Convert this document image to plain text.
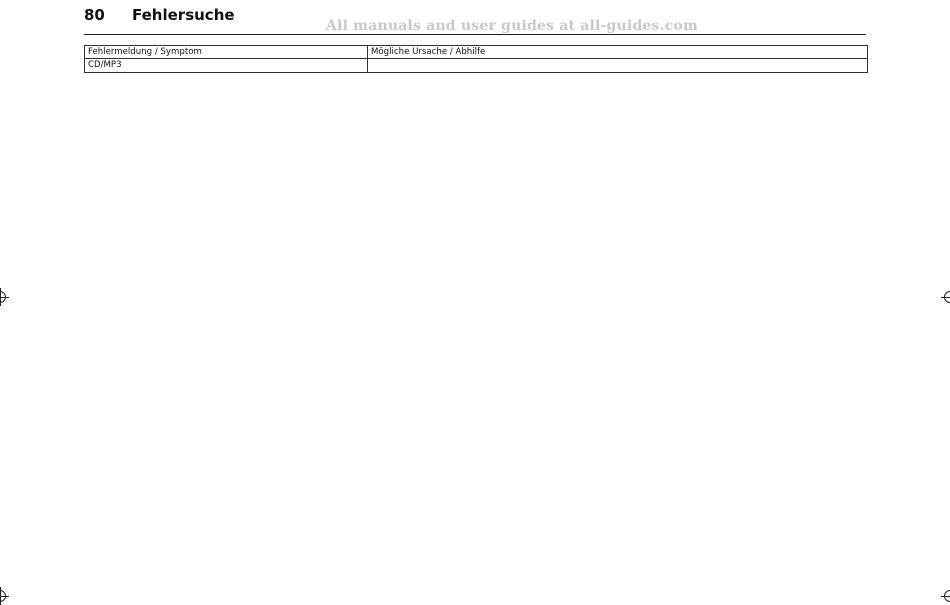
80 Fehlersuche
All manuals and user guides at all-guides.com
Fehlermeldung / Symptom	Mögliche Ursache / Abhilfe
CD/MP3	
